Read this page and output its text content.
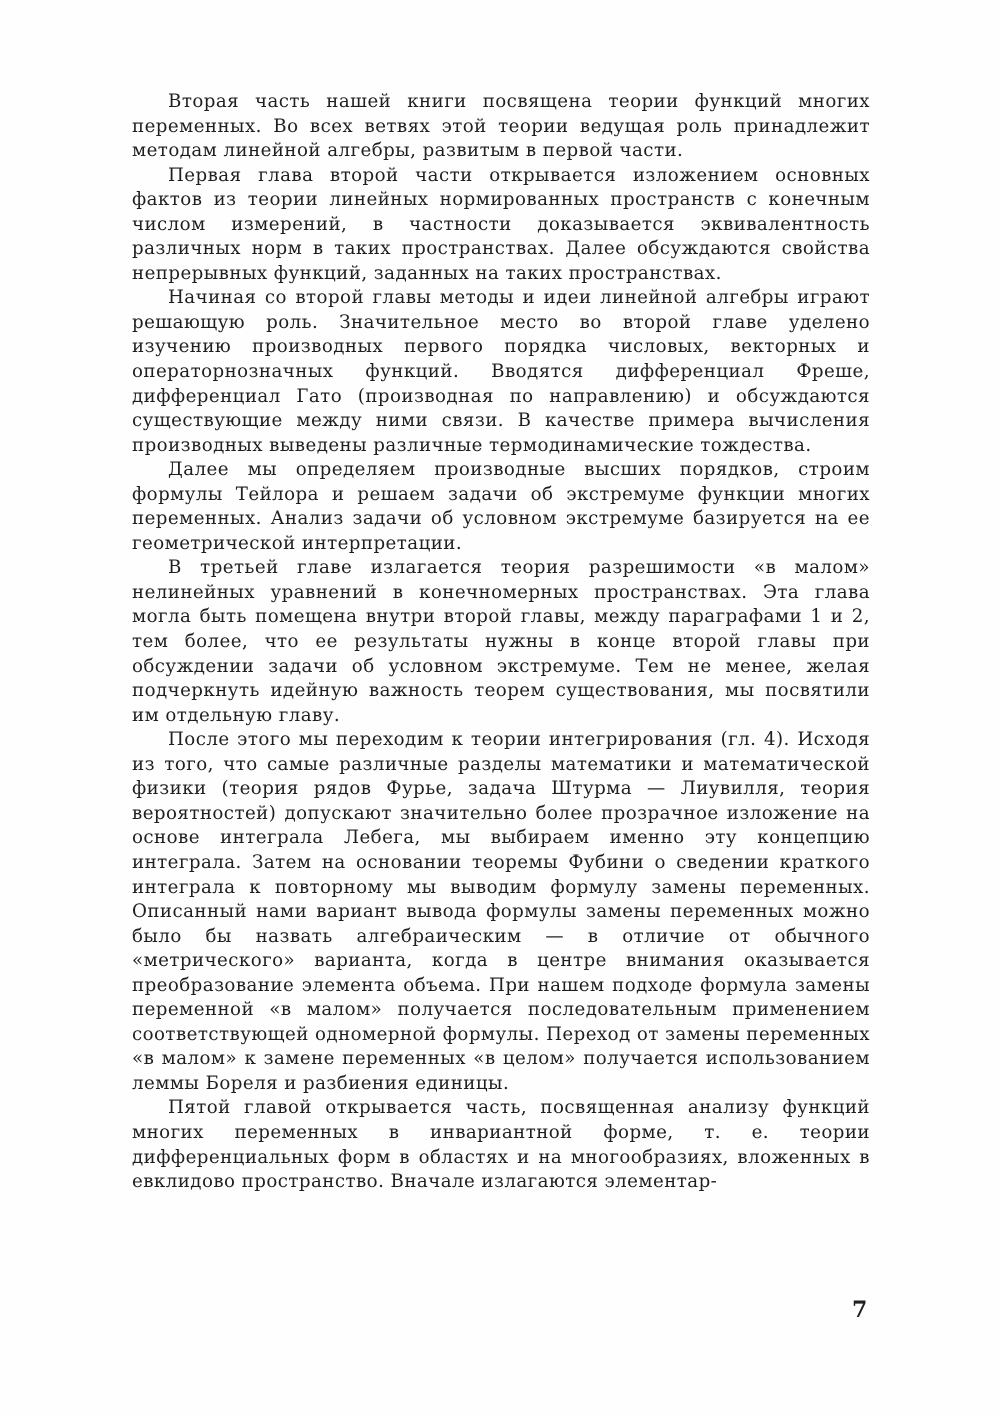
Вторая часть нашей книги посвящена теории функций многих переменных. Во всех ветвях этой теории ведущая роль принадлежит методам линейной алгебры, развитым в первой части.

Первая глава второй части открывается изложением основных фактов из теории линейных нормированных пространств с конечным числом измерений, в частности доказывается эквивалентность различных норм в таких пространствах. Далее обсуждаются свойства непрерывных функций, заданных на таких пространствах.

Начиная со второй главы методы и идеи линейной алгебры играют решающую роль. Значительное место во второй главе уделено изучению производных первого порядка числовых, векторных и операторнозначных функций. Вводятся дифференциал Фреше, дифференциал Гато (производная по направлению) и обсуждаются существующие между ними связи. В качестве примера вычисления производных выведены различные термодинамические тождества.

Далее мы определяем производные высших порядков, строим формулы Тейлора и решаем задачи об экстремуме функции многих переменных. Анализ задачи об условном экстремуме базируется на ее геометрической интерпретации.

В третьей главе излагается теория разрешимости «в малом» нелинейных уравнений в конечномерных пространствах. Эта глава могла быть помещена внутри второй главы, между параграфами 1 и 2, тем более, что ее результаты нужны в конце второй главы при обсуждении задачи об условном экстремуме. Тем не менее, желая подчеркнуть идейную важность теорем существования, мы посвятили им отдельную главу.

После этого мы переходим к теории интегрирования (гл. 4). Исходя из того, что самые различные разделы математики и математической физики (теория рядов Фурье, задача Штурма — Лиувилля, теория вероятностей) допускают значительно более прозрачное изложение на основе интеграла Лебега, мы выбираем именно эту концепцию интеграла. Затем на основании теоремы Фубини о сведении краткого интеграла к повторному мы выводим формулу замены переменных. Описанный нами вариант вывода формулы замены переменных можно было бы назвать алгебраическим — в отличие от обычного «метрического» варианта, когда в центре внимания оказывается преобразование элемента объема. При нашем подходе формула замены переменной «в малом» получается последовательным применением соответствующей одномерной формулы. Переход от замены переменных «в малом» к замене переменных «в целом» получается использованием леммы Бореля и разбиения единицы.

Пятой главой открывается часть, посвященная анализу функций многих переменных в инвариантной форме, т. е. теории дифференциальных форм в областях и на многообразиях, вложенных в евклидово пространство. Вначале излагаются элементар-

7
